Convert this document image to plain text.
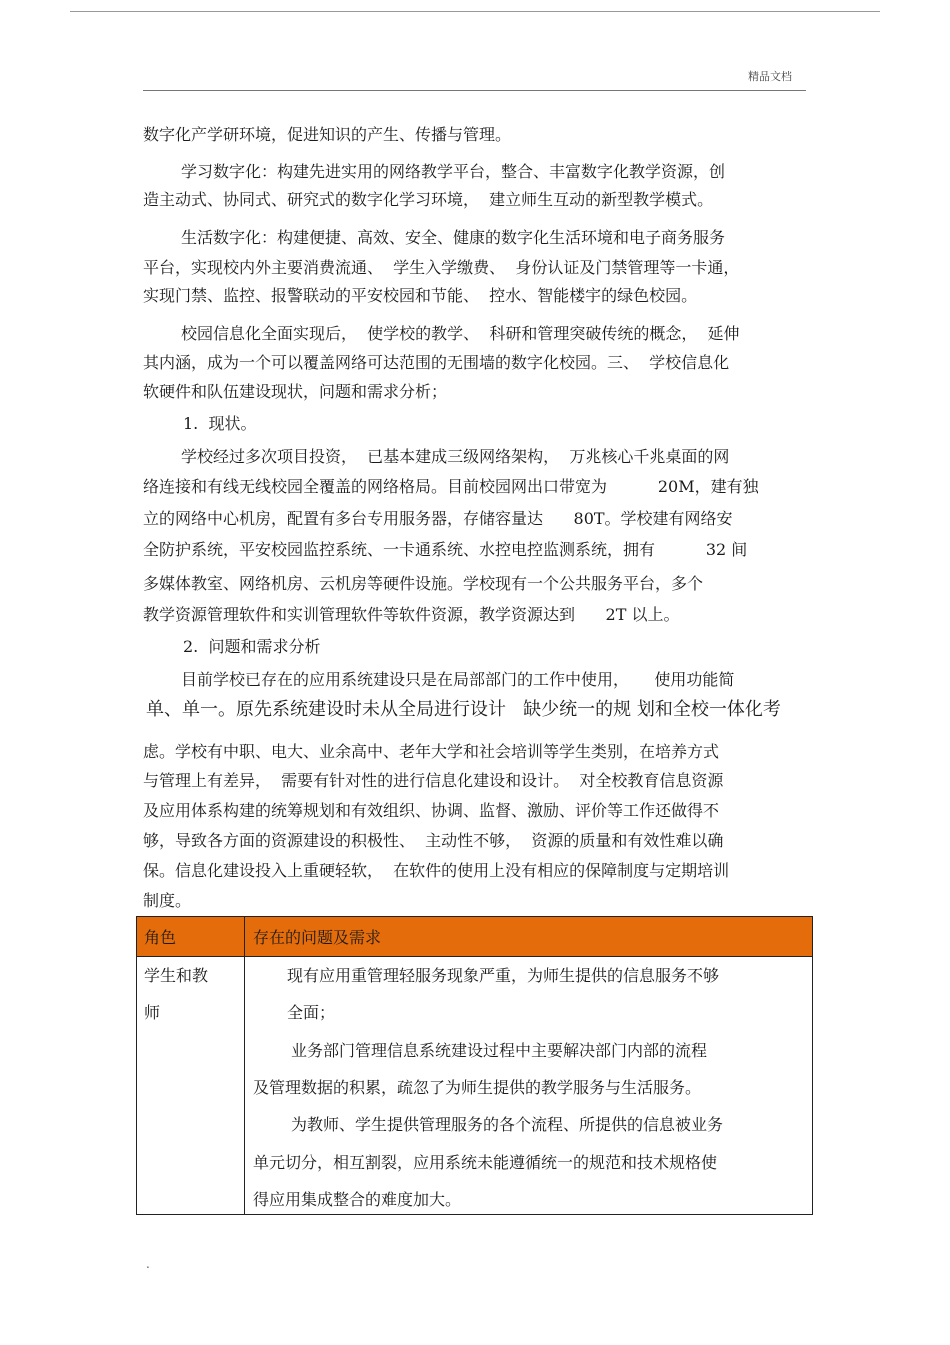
精品文档
数字化产学研环境，促进知识的产生、传播与管理。
学习数字化：构建先进实用的网络教学平台，整合、丰富数字化教学资源，创
造主动式、协同式、研究式的数字化学习环境，  建立师生互动的新型教学模式。
生活数字化：构建便捷、高效、安全、健康的数字化生活环境和电子商务服务
平台，实现校内外主要消费流通、  学生入学缴费、  身份认证及门禁管理等一卡通，
实现门禁、监控、报警联动的平安校园和节能、  控水、智能楼宇的绿色校园。
校园信息化全面实现后，  使学校的教学、  科研和管理突破传统的概念，  延伸
其内涵，成为一个可以覆盖网络可达范围的无围墙的数字化校园。三、  学校信息化
软硬件和队伍建设现状，问题和需求分析；
1.  现状。
学校经过多次项目投资，  已基本建成三级网络架构，  万兆核心千兆桌面的网
络连接和有线无线校园全覆盖的网络格局。目前校园网出口带宽为          20M，建有独
立的网络中心机房，配置有多台专用服务器，存储容量达      80T。学校建有网络安
全防护系统，平安校园监控系统、一卡通系统、水控电控监测系统，拥有          32 间
多媒体教室、网络机房、云机房等硬件设施。学校现有一个公共服务平台，多个
教学资源管理软件和实训管理软件等软件资源，教学资源达到      2T 以上。
2.  问题和需求分析
目前学校已存在的应用系统建设只是在局部部门的工作中使用，     使用功能简
单、单一。原先系统建设时未从全局进行设计   缺少统一的规 划和全校一体化考
虑。学校有中职、电大、业余高中、老年大学和社会培训等学生类别，在培养方式
与管理上有差异，  需要有针对性的进行信息化建设和设计。  对全校教育信息资源
及应用体系构建的统筹规划和有效组织、协调、监督、激励、评价等工作还做得不
够，导致各方面的资源建设的积极性、  主动性不够，  资源的质量和有效性难以确
保。信息化建设投入上重硬轻软，  在软件的使用上没有相应的保障制度与定期培训
制度。
角色	存在的问题及需求
学生和教
师
现有应用重管理轻服务现象严重，为师生提供的信息服务不够
全面；
业务部门管理信息系统建设过程中主要解决部门内部的流程
及管理数据的积累，疏忽了为师生提供的教学服务与生活服务。
为教师、学生提供管理服务的各个流程、所提供的信息被业务
单元切分，相互割裂，应用系统未能遵循统一的规范和技术规格使
得应用集成整合的难度加大。
.
